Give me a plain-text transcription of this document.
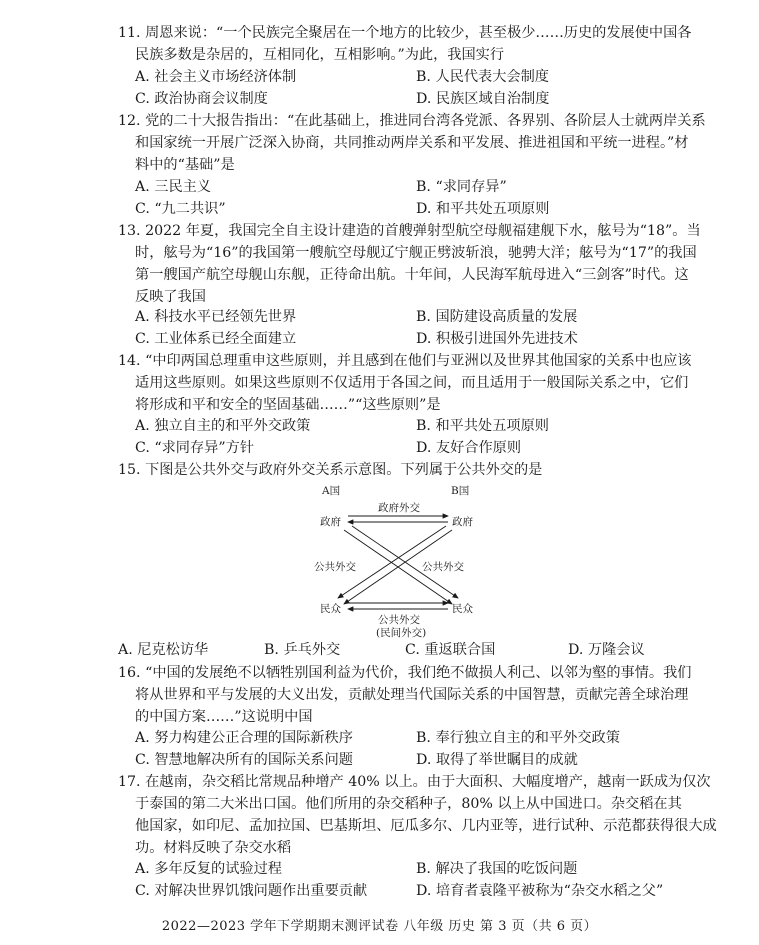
11. 周恩来说：“一个民族完全聚居在一个地方的比较少，甚至极少……历史的发展使中国各
民族多数是杂居的，互相同化，互相影响。”为此，我国实行
A. 社会主义市场经济体制	B. 人民代表大会制度
C. 政治协商会议制度	D. 民族区域自治制度
12. 党的二十大报告指出：“在此基础上，推进同台湾各党派、各界别、各阶层人士就两岸关系
和国家统一开展广泛深入协商，共同推动两岸关系和平发展、推进祖国和平统一进程。”材
料中的“基础”是
A. 三民主义	B. “求同存异”
C. “九二共识”	D. 和平共处五项原则
13. 2022 年夏，我国完全自主设计建造的首艘弹射型航空母舰福建舰下水，舷号为“18”。当
时，舷号为“16”的我国第一艘航空母舰辽宁舰正劈波斩浪，驰骋大洋；舷号为“17”的我国
第一艘国产航空母舰山东舰，正待命出航。十年间，人民海军航母进入“三剑客”时代。这
反映了我国
A. 科技水平已经领先世界	B. 国防建设高质量的发展
C. 工业体系已经全面建立	D. 积极引进国外先进技术
14. “中印两国总理重申这些原则，并且感到在他们与亚洲以及世界其他国家的关系中也应该
适用这些原则。如果这些原则不仅适用于各国之间，而且适用于一般国际关系之中，它们
将形成和平和安全的坚固基础……”“这些原则”是
A. 独立自主的和平外交政策	B. 和平共处五项原则
C. “求同存异”方针	D. 友好合作原则
15. 下图是公共外交与政府外交关系示意图。下列属于公共外交的是
A国	B国
政府外交
政府	政府
公共外交	公共外交
民众	民众
公共外交
(民间外交)
A. 尼克松访华	B. 乒乓外交	C. 重返联合国	D. 万隆会议
16. “中国的发展绝不以牺牲别国利益为代价，我们绝不做损人利己、以邻为壑的事情。我们
将从世界和平与发展的大义出发，贡献处理当代国际关系的中国智慧，贡献完善全球治理
的中国方案……”这说明中国
A. 努力构建公正合理的国际新秩序	B. 奉行独立自主的和平外交政策
C. 智慧地解决所有的国际关系问题	D. 取得了举世瞩目的成就
17. 在越南，杂交稻比常规品种增产 40% 以上。由于大面积、大幅度增产，越南一跃成为仅次
于泰国的第二大米出口国。他们所用的杂交稻种子，80% 以上从中国进口。杂交稻在其
他国家，如印尼、孟加拉国、巴基斯坦、厄瓜多尔、几内亚等，进行试种、示范都获得很大成
功。材料反映了杂交水稻
A. 多年反复的试验过程	B. 解决了我国的吃饭问题
C. 对解决世界饥饿问题作出重要贡献	D. 培育者袁隆平被称为“杂交水稻之父”
2022—2023 学年下学期期末测评试卷 八年级 历史 第 3 页（共 6 页）
